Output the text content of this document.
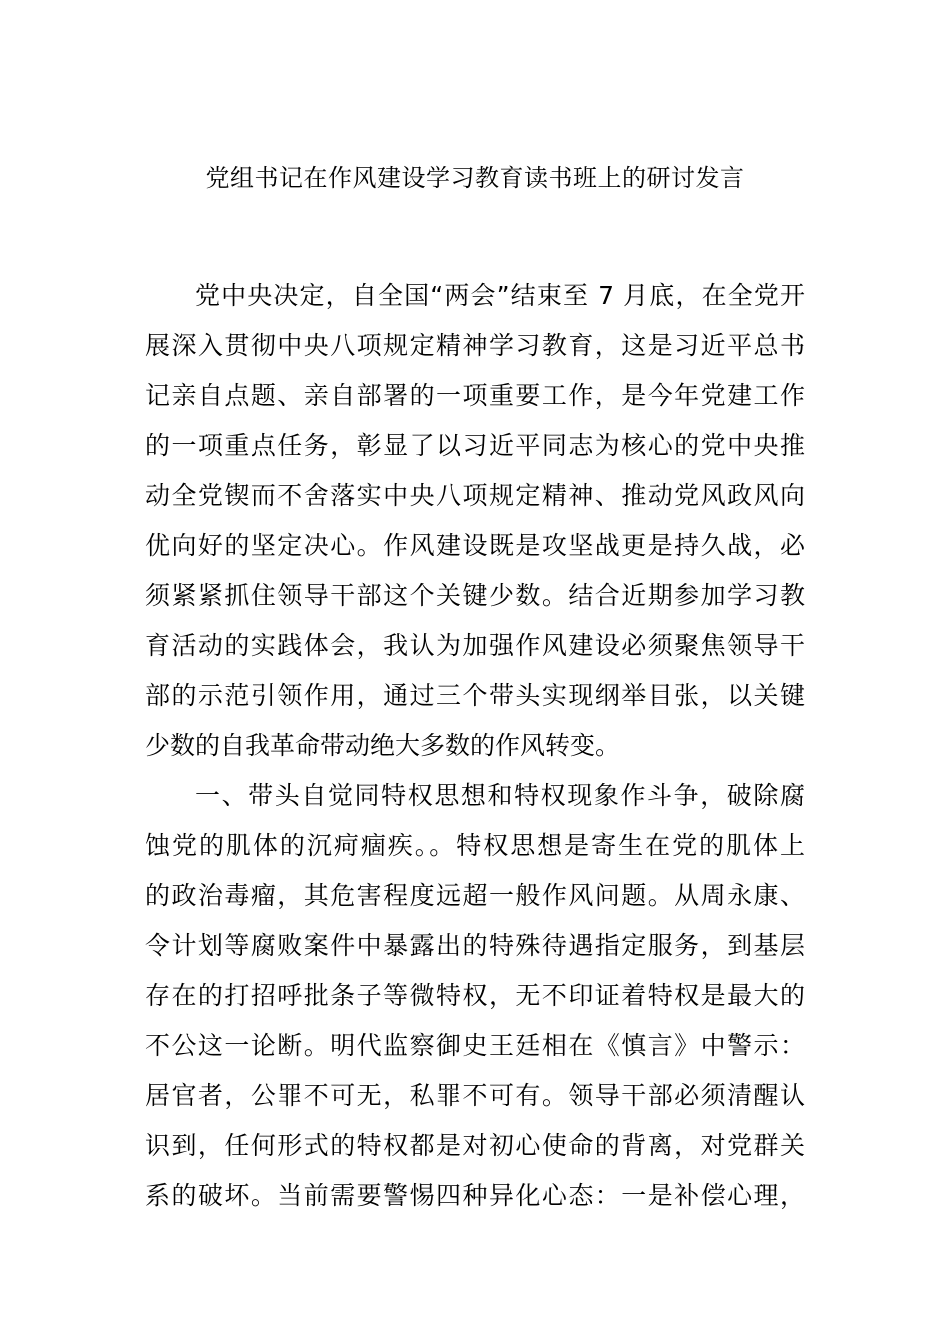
党组书记在作风建设学习教育读书班上的研讨发言
党中央决定，自全国“两会”结束至 7 月底，在全党开
展深入贯彻中央八项规定精神学习教育，这是习近平总书
记亲自点题、亲自部署的一项重要工作，是今年党建工作
的一项重点任务，彰显了以习近平同志为核心的党中央推
动全党锲而不舍落实中央八项规定精神、推动党风政风向
优向好的坚定决心。作风建设既是攻坚战更是持久战，必
须紧紧抓住领导干部这个关键少数。结合近期参加学习教
育活动的实践体会，我认为加强作风建设必须聚焦领导干
部的示范引领作用，通过三个带头实现纲举目张，以关键
少数的自我革命带动绝大多数的作风转变。
一、带头自觉同特权思想和特权现象作斗争，破除腐
蚀党的肌体的沉疴痼疾。。特权思想是寄生在党的肌体上
的政治毒瘤，其危害程度远超一般作风问题。从周永康、
令计划等腐败案件中暴露出的特殊待遇指定服务，到基层
存在的打招呼批条子等微特权，无不印证着特权是最大的
不公这一论断。明代监察御史王廷相在《慎言》中警示：
居官者，公罪不可无，私罪不可有。领导干部必须清醒认
识到，任何形式的特权都是对初心使命的背离，对党群关
系的破坏。当前需要警惕四种异化心态：一是补偿心理，
